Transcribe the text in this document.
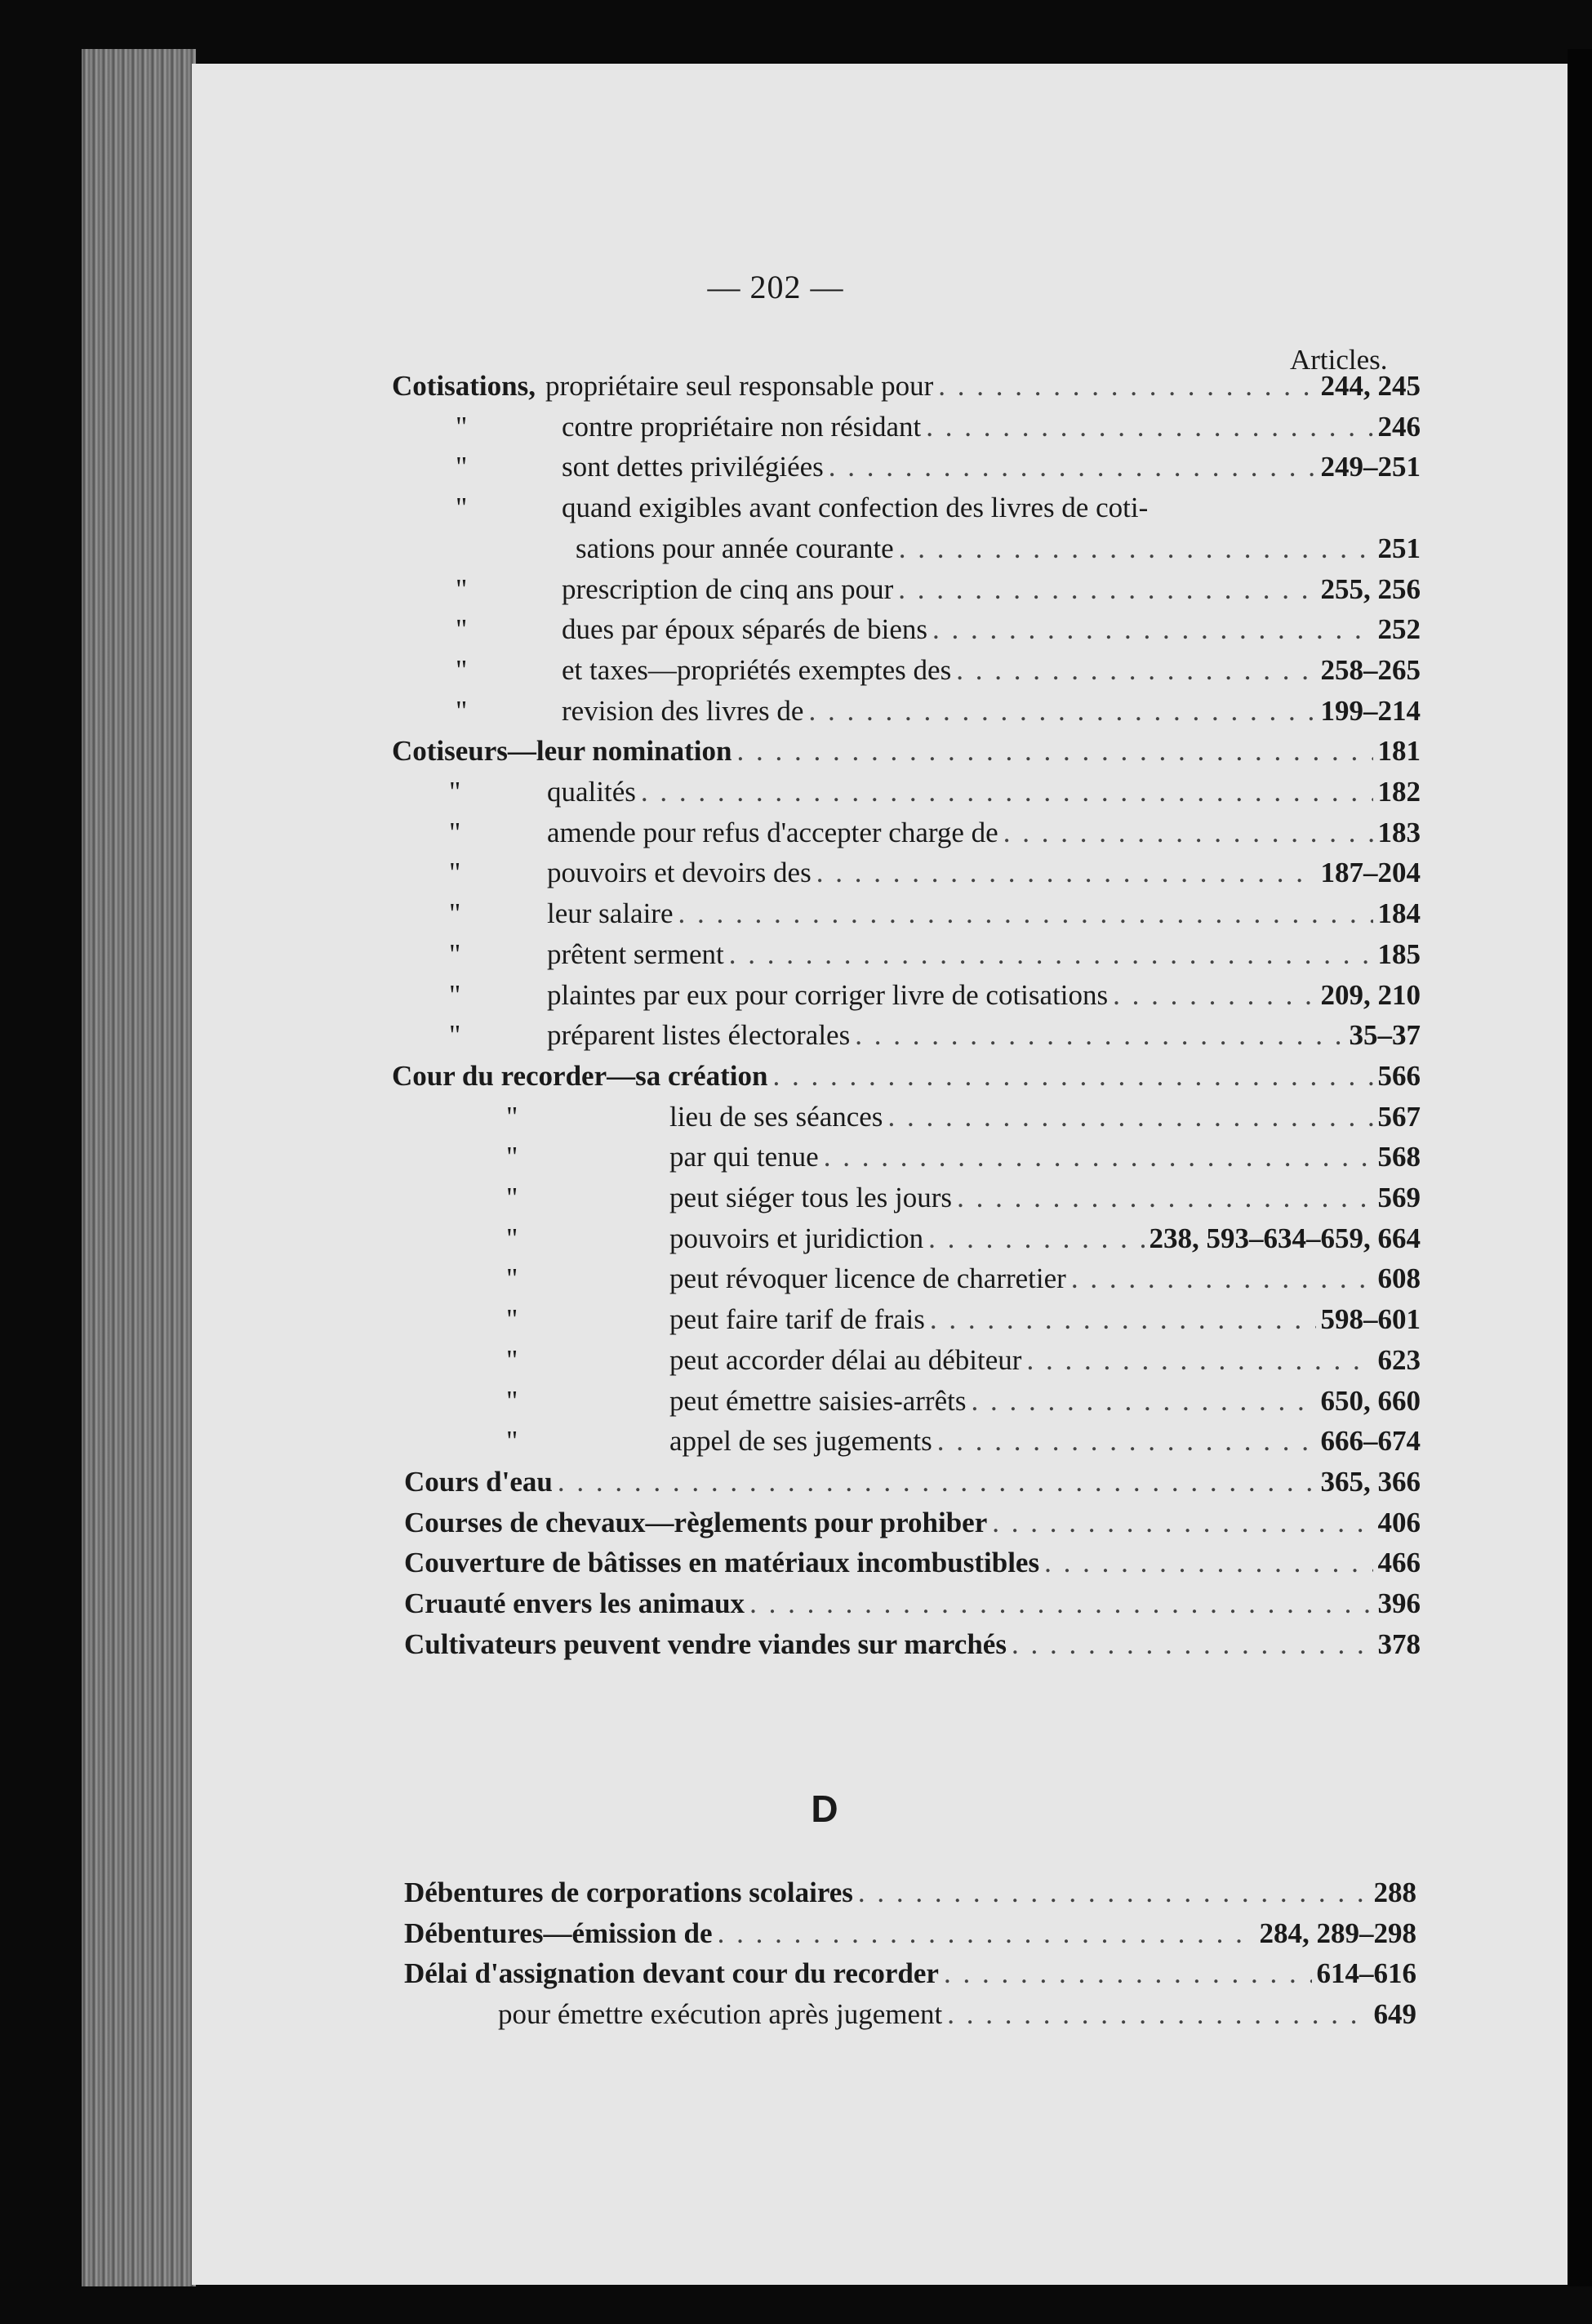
— 202 —
Articles.
Cotisations, propriétaire seul responsable pour . . .	244, 245
"	contre propriétaire non résidant . . .	246
"	sont dettes privilégiées . . .	249–251
"	quand exigibles avant confection des livres de coti-
sations pour année courante . . .	251
"	prescription de cinq ans pour . . .	255, 256
"	dues par époux séparés de biens . . .	252
"	et taxes—propriétés exemptes des . . .	258–265
"	revision des livres de . . .	199–214
Cotiseurs—leur nomination . . .	181
"	qualités . . .	182
"	amende pour refus d'accepter charge de . . .	183
"	pouvoirs et devoirs des . . .	187–204
"	leur salaire . . .	184
"	prêtent serment . . .	185
"	plaintes par eux pour corriger livre de cotisations . . .	209, 210
"	préparent listes électorales . . .	35–37
Cour du recorder—sa création . . .	566
"	lieu de ses séances . . .	567
"	par qui tenue . . .	568
"	peut siéger tous les jours . . .	569
"	pouvoirs et juridiction . . .	238, 593–634–659, 664
"	peut révoquer licence de charretier . . .	608
"	peut faire tarif de frais . . .	598–601
"	peut accorder délai au débiteur . . .	623
"	peut émettre saisies-arrêts . . .	650, 660
"	appel de ses jugements . . .	666–674
Cours d'eau . . .	365, 366
Courses de chevaux—règlements pour prohiber . . .	406
Couverture de bâtisses en matériaux incombustibles . . .	466
Cruauté envers les animaux . . .	396
Cultivateurs peuvent vendre viandes sur marchés . . .	378
D
Débentures de corporations scolaires . . .	288
Débentures—émission de . . .	284, 289–298
Délai d'assignation devant cour du recorder . . .	614–616
pour émettre exécution après jugement . . .	649
